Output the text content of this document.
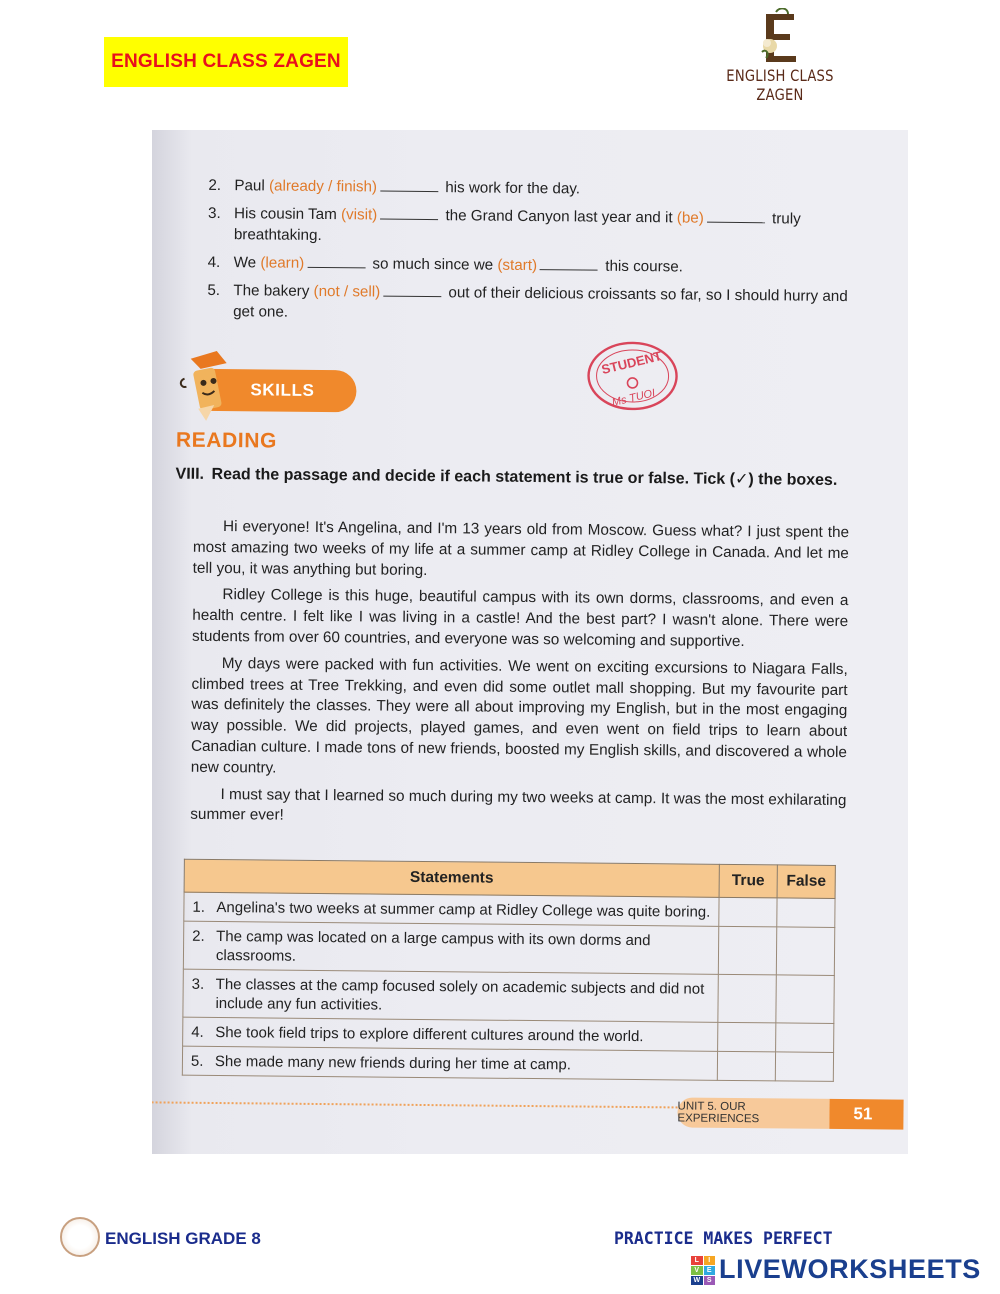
ENGLISH CLASS ZAGEN
ENGLISH CLASS ZAGEN
2. Paul (already / finish)	his work for the day.
3. His cousin Tam (visit)	the Grand Canyon last year and it (be)	truly breathtaking.
4. We (learn)	so much since we (start)	this course.
5. The bakery (not / sell)	out of their delicious croissants so far, so I should hurry and get one.
SKILLS
STUDENT
Ms TUOI
READING
VIII. Read the passage and decide if each statement is true or false. Tick (✓) the boxes.

Hi everyone! It's Angelina, and I'm 13 years old from Moscow. Guess what? I just spent the most amazing two weeks of my life at a summer camp at Ridley College in Canada. And let me tell you, it was anything but boring.

Ridley College is this huge, beautiful campus with its own dorms, classrooms, and even a health centre. I felt like I was living in a castle! And the best part? I wasn't alone. There were students from over 60 countries, and everyone was so welcoming and supportive.

My days were packed with fun activities. We went on exciting excursions to Niagara Falls, climbed trees at Tree Trekking, and even did some outlet mall shopping. But my favourite part was definitely the classes. They were all about improving my English, but in the most engaging way possible. We did projects, played games, and even went on field trips to learn about Canadian culture. I made tons of new friends, boosted my English skills, and discovered a whole new country.

I must say that I learned so much during my two weeks at camp. It was the most exhilarating summer ever!

Statements	True	False

1. Angelina's two weeks at summer camp at Ridley College was quite boring.		

2. The camp was located on a large campus with its own dorms and classrooms.		

3. The classes at the camp focused solely on academic subjects and did not include any fun activities.		

4. She took field trips to explore different cultures around the world.		

5. She made many new friends during her time at camp.		

UNIT 5. OUR EXPERIENCES	51
ENGLISH GRADE 8	PRACTICE MAKES PERFECT
L	I
V	E
W S LIVEWORKSHEETS
